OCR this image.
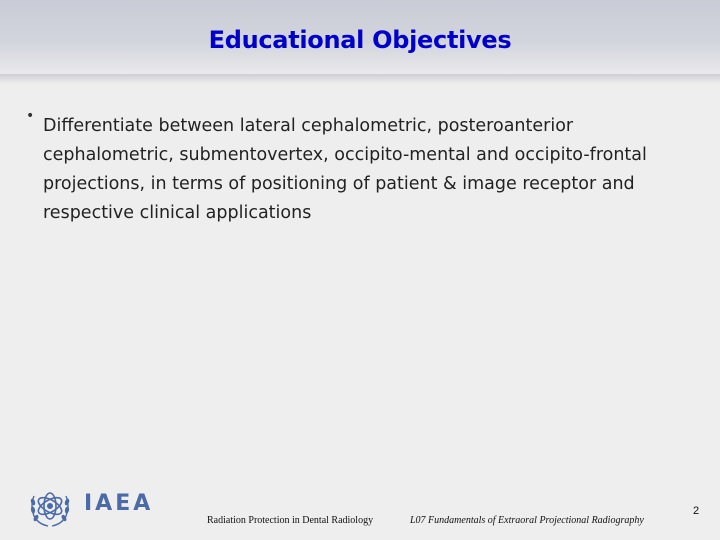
Educational Objectives
• Differentiate between lateral cephalometric, posteroanterior cephalometric, submentovertex, occipito-mental and occipito-frontal projections, in terms of positioning of patient & image receptor and respective clinical applications
IAEA
Radiation Protection in Dental Radiology	L07 Fundamentals of Extraoral Projectional Radiography
2
